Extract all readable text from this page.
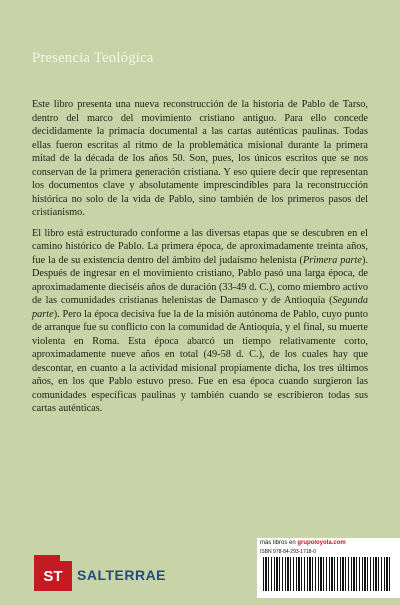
Presencia Teológica

Este libro presenta una nueva reconstrucción de la historia de Pablo de Tarso, dentro del marco del movimiento cristiano antiguo. Para ello concede decididamente la primacía documental a las cartas auténticas paulinas. Todas ellas fueron escritas al ritmo de la problemática misional durante la primera mitad de la década de los años 50. Son, pues, los únicos escritos que se nos conservan de la primera generación cristiana. Y eso quiere decir que representan los documentos clave y absolutamente imprescindibles para la reconstrucción histórica no solo de la vida de Pablo, sino también de los primeros pasos del cristianismo.

El libro está estructurado conforme a las diversas etapas que se descubren en el camino histórico de Pablo. La primera época, de aproximadamente treinta años, fue la de su existencia dentro del ámbito del judaísmo helenista (Primera parte). Después de ingresar en el movimiento cristiano, Pablo pasó una larga época, de aproximadamente dieciséis años de duración (33-49 d. C.), como miembro activo de las comunidades cristianas helenistas de Damasco y de Antioquía (Segunda parte). Pero la época decisiva fue la de la misión autónoma de Pablo, cuyo punto de arranque fue su conflicto con la comunidad de Antioquía, y el final, su muerte violenta en Roma. Esta época abarcó un tiempo relativamente corto, aproximadamente nueve años en total (49-58 d. C.), de los cuales hay que descontar, en cuanto a la actividad misional propiamente dicha, los tres últimos años, en los que Pablo estuvo preso. Fue en esa época cuando surgieron las comunidades específicas paulinas y también cuando se escribieron todas sus cartas auténticas.

más libros en grupoloyola.com
ISBN 978-84-293-1718-0
ST	SALTERRAE
